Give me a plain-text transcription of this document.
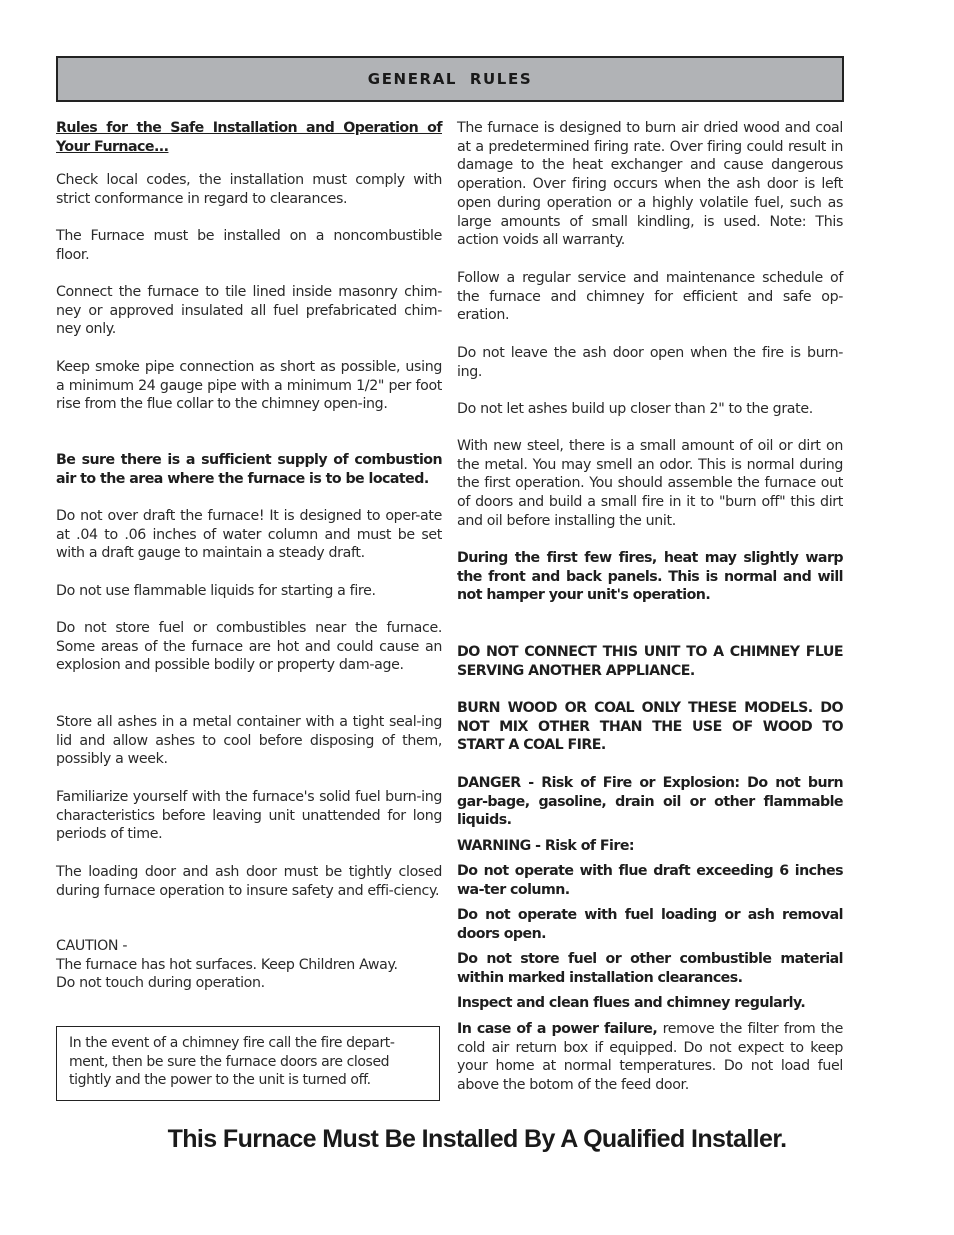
GENERAL RULES

Rules for the Safe Installation and Operation of Your Furnace...

Check local codes, the installation must comply with strict conformance in regard to clearances.

The Furnace must be installed on a noncombustible floor.

Connect the furnace to tile lined inside masonry chim-ney or approved insulated all fuel prefabricated chim-ney only.

Keep smoke pipe connection as short as possible, using a minimum 24 gauge pipe with a minimum 1/2" per foot rise from the flue collar to the chimney open-ing.

Be sure there is a sufficient supply of combustion air to the area where the furnace is to be located.

Do not over draft the furnace! It is designed to oper-ate at .04 to .06 inches of water column and must be set with a draft gauge to maintain a steady draft.

Do not use flammable liquids for starting a fire.

Do not store fuel or combustibles near the furnace. Some areas of the furnace are hot and could cause an explosion and possible bodily or property dam-age.

Store all ashes in a metal container with a tight seal-ing lid and allow ashes to cool before disposing of them, possibly a week.

Familiarize yourself with the furnace's solid fuel burn-ing characteristics before leaving unit unattended for long periods of time.

The loading door and ash door must be tightly closed during furnace operation to insure safety and effi-ciency.

CAUTION -
The furnace has hot surfaces. Keep Children Away.
Do not touch during operation.
In the event of a chimney fire call the fire depart-ment, then be sure the furnace doors are closed tightly and the power to the unit is turned off.

The furnace is designed to burn air dried wood and coal at a predetermined firing rate. Over firing could result in damage to the heat exchanger and cause dangerous operation. Over firing occurs when the ash door is left open during operation or a highly volatile fuel, such as large amounts of small kindling, is used. Note: This action voids all warranty.

Follow a regular service and maintenance schedule of the furnace and chimney for efficient and safe op-eration.

Do not leave the ash door open when the fire is burn-ing.

Do not let ashes build up closer than 2" to the grate.

With new steel, there is a small amount of oil or dirt on the metal. You may smell an odor. This is normal during the first operation. You should assemble the furnace out of doors and build a small fire in it to "burn off" this dirt and oil before installing the unit.

During the first few fires, heat may slightly warp the front and back panels. This is normal and will not hamper your unit's operation.

DO NOT CONNECT THIS UNIT TO A CHIMNEY FLUE SERVING ANOTHER APPLIANCE.

BURN WOOD OR COAL ONLY THESE MODELS. DO NOT MIX OTHER THAN THE USE OF WOOD TO START A COAL FIRE.

DANGER - Risk of Fire or Explosion: Do not burn gar-bage, gasoline, drain oil or other flammable liquids.

WARNING - Risk of Fire:

Do not operate with flue draft exceeding 6 inches wa-ter column.

Do not operate with fuel loading or ash removal doors open.

Do not store fuel or other combustible material within marked installation clearances.

Inspect and clean flues and chimney regularly.

In case of a power failure, remove the filter from the cold air return box if equipped. Do not expect to keep your home at normal temperatures. Do not load fuel above the botom of the feed door.

This Furnace Must Be Installed By A Qualified Installer.
